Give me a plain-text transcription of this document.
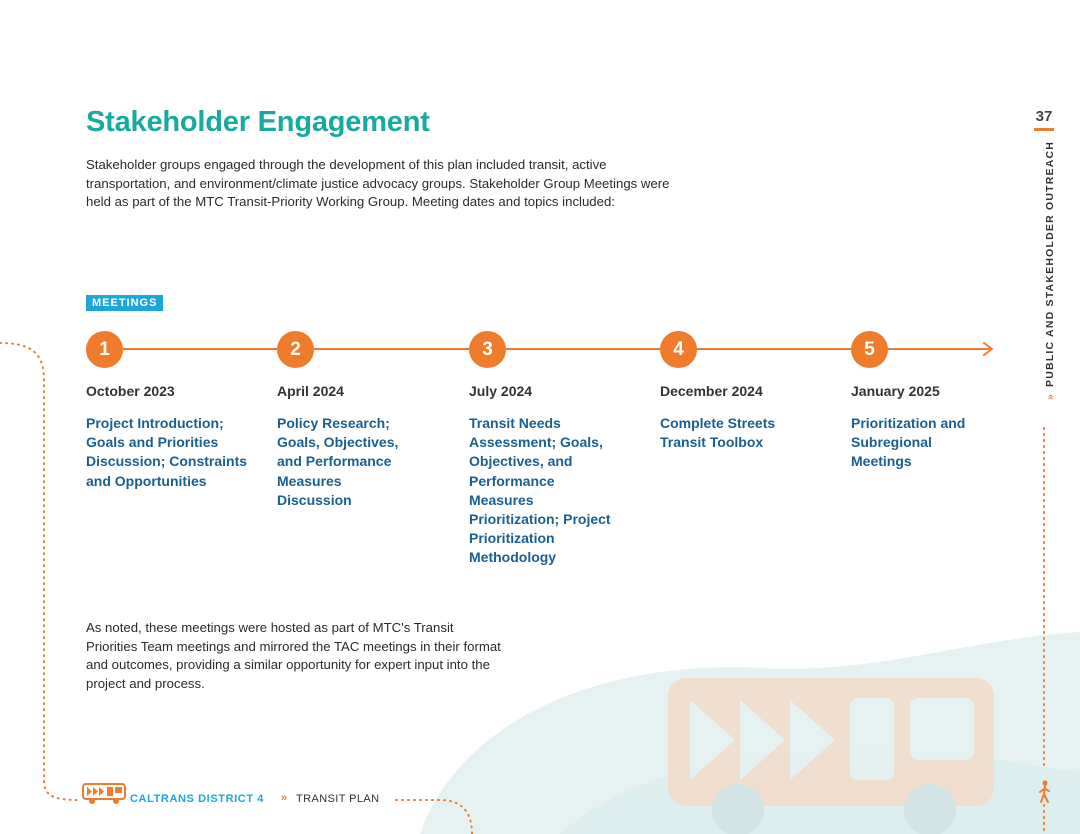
Stakeholder Engagement
Stakeholder groups engaged through the development of this plan included transit, active transportation, and environment/climate justice advocacy groups. Stakeholder Group Meetings were held as part of the MTC Transit-Priority Working Group. Meeting dates and topics included:
MEETINGS
1
October 2023
Project Introduction; Goals and Priorities Discussion; Constraints and Opportunities
2
April 2024
Policy Research; Goals, Objectives, and Performance Measures Discussion
3
July 2024
Transit Needs Assessment; Goals, Objectives, and Performance Measures Prioritization; Project Prioritization Methodology
4
December 2024
Complete Streets Transit Toolbox
5
January 2025
Prioritization and Subregional Meetings
As noted, these meetings were hosted as part of MTC's Transit Priorities Team meetings and mirrored the TAC meetings in their format and outcomes, providing a similar opportunity for expert input into the project and process.
37
»PUBLIC AND STAKEHOLDER OUTREACH
CALTRANS DISTRICT 4 » TRANSIT PLAN
